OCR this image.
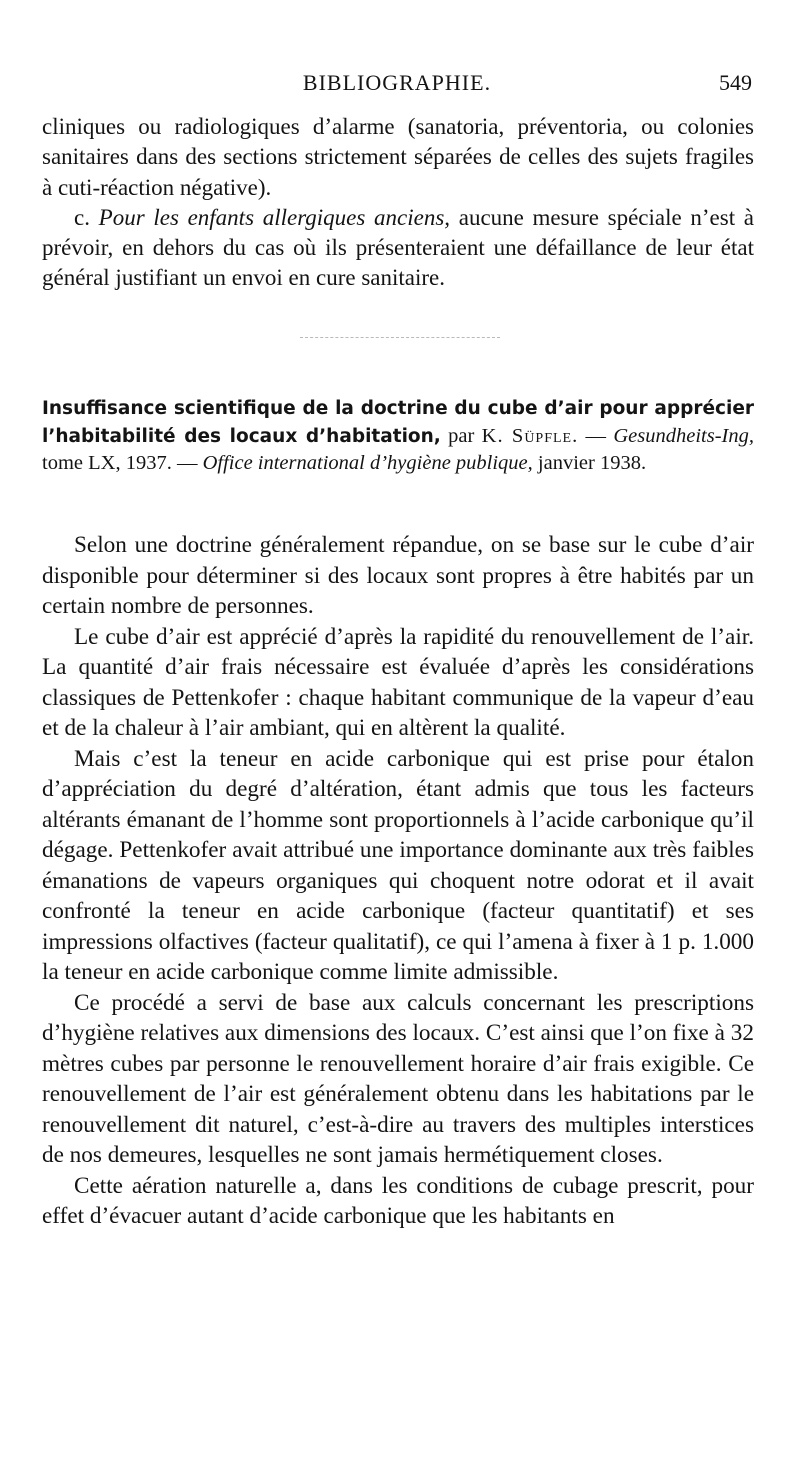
BIBLIOGRAPHIE.	549

cliniques ou radiologiques d’alarme (sanatoria, préventoria, ou colonies sanitaires dans des sections strictement séparées de celles des sujets fragiles à cuti-réaction négative).

c. Pour les enfants allergiques anciens, aucune mesure spéciale n’est à prévoir, en dehors du cas où ils présenteraient une défaillance de leur état général justifiant un envoi en cure sanitaire.

Insuffisance scientifique de la doctrine du cube d’air pour apprécier l’habitabilité des locaux d’habitation, par K. Süpfle. — Gesundheits-Ing, tome LX, 1937. — Office international d’hygiène publique, janvier 1938.

Selon une doctrine généralement répandue, on se base sur le cube d’air disponible pour déterminer si des locaux sont propres à être habités par un certain nombre de personnes.

Le cube d’air est apprécié d’après la rapidité du renouvellement de l’air. La quantité d’air frais nécessaire est évaluée d’après les considérations classiques de Pettenkofer : chaque habitant communique de la vapeur d’eau et de la chaleur à l’air ambiant, qui en altèrent la qualité.

Mais c’est la teneur en acide carbonique qui est prise pour étalon d’appréciation du degré d’altération, étant admis que tous les facteurs altérants émanant de l’homme sont proportionnels à l’acide carbonique qu’il dégage. Pettenkofer avait attribué une importance dominante aux très faibles émanations de vapeurs organiques qui choquent notre odorat et il avait confronté la teneur en acide carbonique (facteur quantitatif) et ses impressions olfactives (facteur qualitatif), ce qui l’amena à fixer à 1 p. 1.000 la teneur en acide carbonique comme limite admissible.

Ce procédé a servi de base aux calculs concernant les prescriptions d’hygiène relatives aux dimensions des locaux. C’est ainsi que l’on fixe à 32 mètres cubes par personne le renouvellement horaire d’air frais exigible. Ce renouvellement de l’air est généralement obtenu dans les habitations par le renouvellement dit naturel, c’est-à-dire au travers des multiples interstices de nos demeures, lesquelles ne sont jamais hermétiquement closes.

Cette aération naturelle a, dans les conditions de cubage prescrit, pour effet d’évacuer autant d’acide carbonique que les habitants en
